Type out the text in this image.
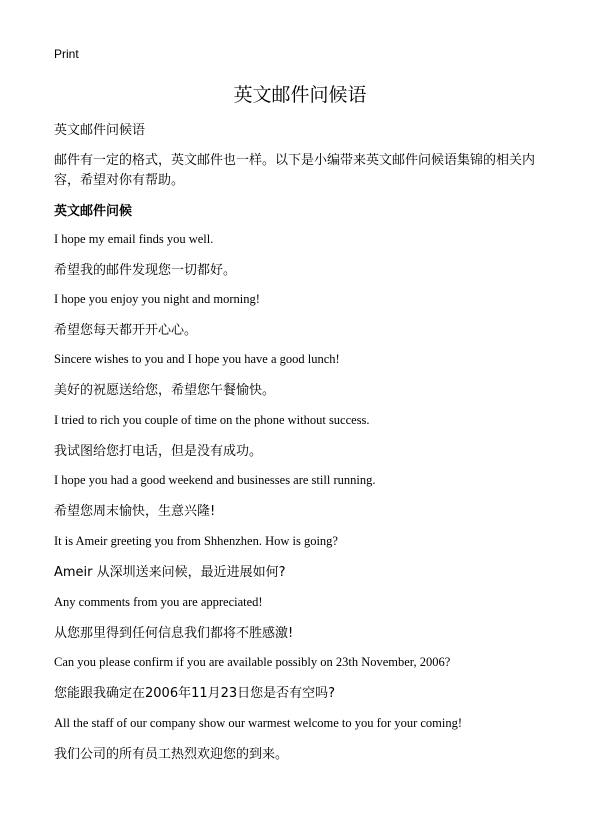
Print
英文邮件问候语
英文邮件问候语
邮件有一定的格式，英文邮件也一样。以下是小编带来英文邮件问候语集锦的相关内容，希望对你有帮助。
英文邮件问候
I hope my email finds you well.
希望我的邮件发现您一切都好。
I hope you enjoy you night and morning!
希望您每天都开开心心。
Sincere wishes to you and I hope you have a good lunch!
美好的祝愿送给您，希望您午餐愉快。
I tried to rich you couple of time on the phone without success.
我试图给您打电话，但是没有成功。
I hope you had a good weekend and businesses are still running.
希望您周末愉快，生意兴隆!
It is Ameir greeting you from Shhenzhen. How is going?
Ameir 从深圳送来问候，最近进展如何?
Any comments from you are appreciated!
从您那里得到任何信息我们都将不胜感激!
Can you please confirm if you are available possibly on 23th November, 2006?
您能跟我确定在2006年11月23日您是否有空吗?
All the staff of our company show our warmest welcome to you for your coming!
我们公司的所有员工热烈欢迎您的到来。
